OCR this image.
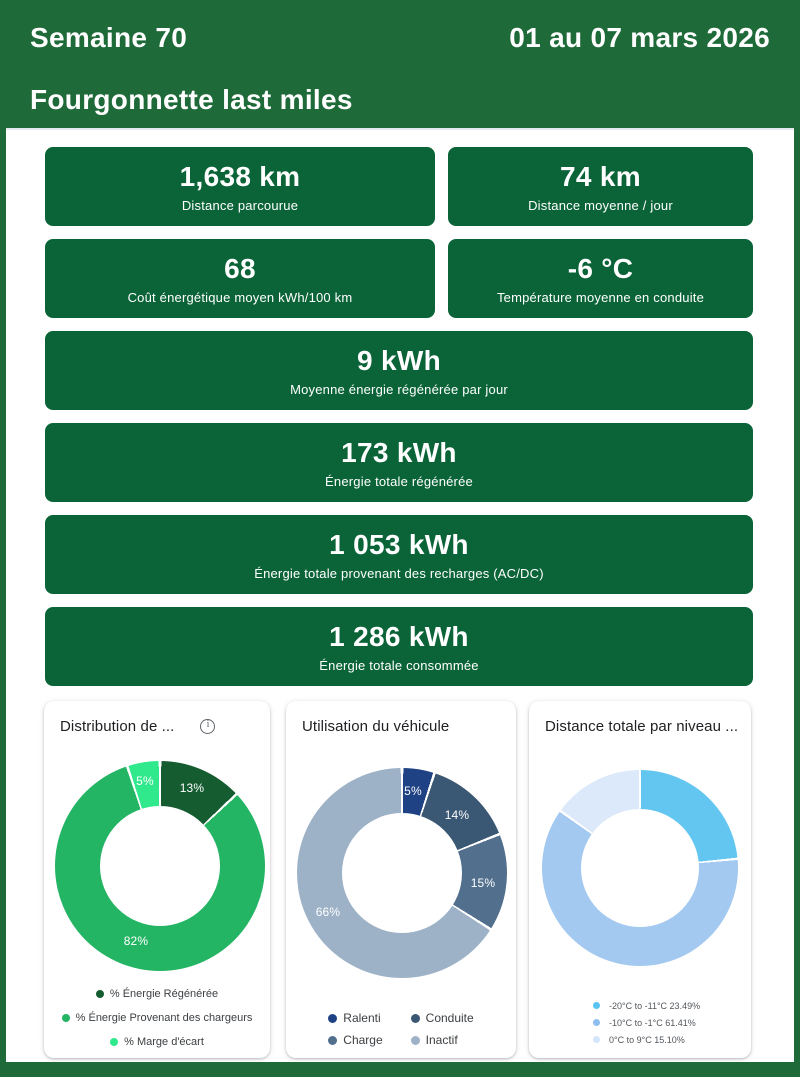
Semaine 70	01 au 07 mars 2026
Fourgonnette last miles
1,638 km
Distance parcourue
74 km
Distance moyenne / jour
68
Coût énergétique moyen kWh/100 km
-6 °C
Température moyenne en conduite
9 kWh
Moyenne énergie régénérée par jour
173 kWh
Énergie totale régénérée
1 053 kWh
Énergie totale provenant des recharges (AC/DC)
1 286 kWh
Énergie totale consommée
Distribution de ...
i
13%
82%
5%
% Énergie Régénérée
% Énergie Provenant des chargeurs
% Marge d'écart
Utilisation du véhicule
5%
14%
15%
66%
Ralenti	Conduite
Charge	Inactif
Distance totale par niveau ...
-20°C to -11°C 23.49%
-10°C to -1°C 61.41%
0°C to 9°C 15.10%
